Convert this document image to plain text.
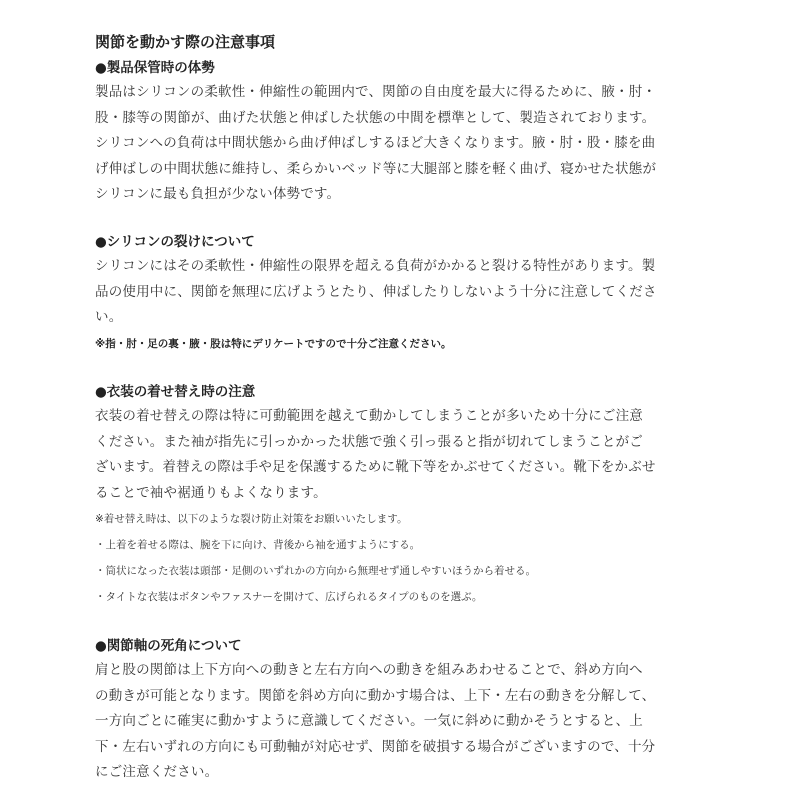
関節を動かす際の注意事項
●製品保管時の体勢

製品はシリコンの柔軟性・伸縮性の範囲内で、関節の自由度を最大に得るために、腋・肘・

股・膝等の関節が、曲げた状態と伸ばした状態の中間を標準として、製造されております。

シリコンへの負荷は中間状態から曲げ伸ばしするほど大きくなります。腋・肘・股・膝を曲

げ伸ばしの中間状態に維持し、柔らかいベッド等に大腿部と膝を軽く曲げ、寝かせた状態が

シリコンに最も負担が少ない体勢です。

●シリコンの裂けについて

シリコンにはその柔軟性・伸縮性の限界を超える負荷がかかると裂ける特性があります。製

品の使用中に、関節を無理に広げようとたり、伸ばしたりしないよう十分に注意してくださ

い。

※指・肘・足の裏・腋・股は特にデリケートですので十分ご注意ください。

●衣装の着せ替え時の注意

衣装の着せ替えの際は特に可動範囲を越えて動かしてしまうことが多いため十分にご注意

ください。また袖が指先に引っかかった状態で強く引っ張ると指が切れてしまうことがご

ざいます。着替えの際は手や足を保護するために靴下等をかぶせてください。靴下をかぶせ

ることで袖や裾通りもよくなります。

※着せ替え時は、以下のような裂け防止対策をお願いいたします。

・上着を着せる際は、腕を下に向け、背後から袖を通すようにする。

・筒状になった衣装は頭部・足側のいずれかの方向から無理せず通しやすいほうから着せる。

・タイトな衣装はボタンやファスナーを開けて、広げられるタイプのものを選ぶ。

●関節軸の死角について

肩と股の関節は上下方向への動きと左右方向への動きを組みあわせることで、斜め方向へ

の動きが可能となります。関節を斜め方向に動かす場合は、上下・左右の動きを分解して、

一方向ごとに確実に動かすように意識してください。一気に斜めに動かそうとすると、上

下・左右いずれの方向にも可動軸が対応せず、関節を破損する場合がございますので、十分

にご注意ください。
